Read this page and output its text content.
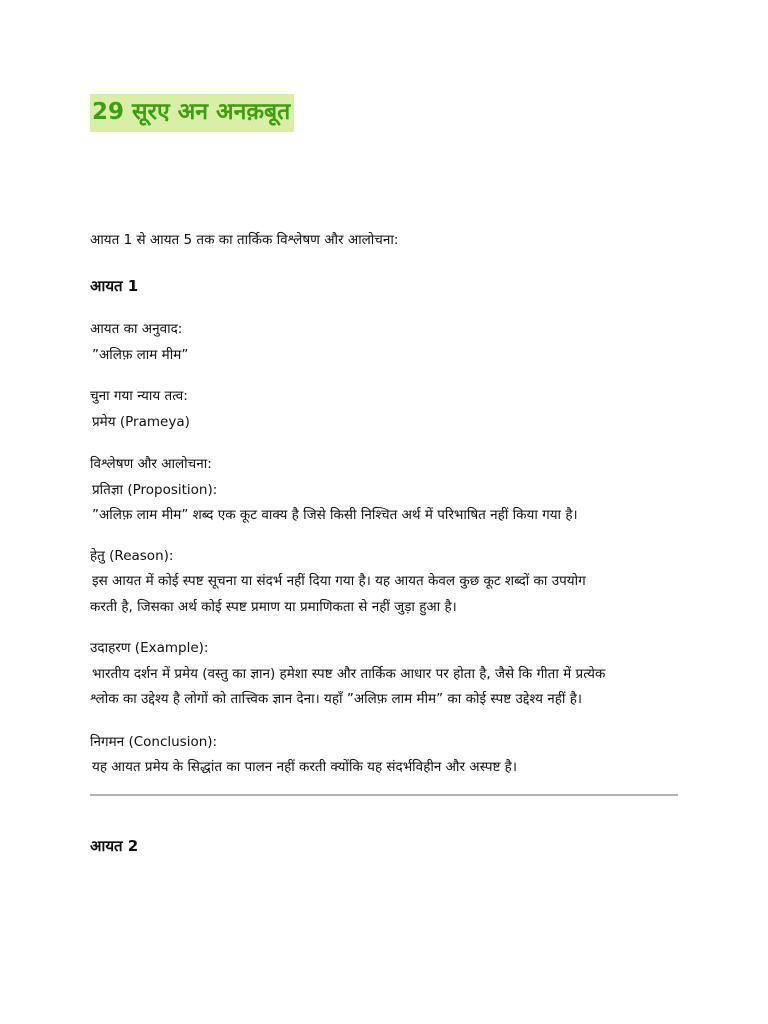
29 सूरए अन अनक़बूत
आयत 1 से आयत 5 तक का तार्किक विश्लेषण और आलोचना:
आयत 1
आयत का अनुवाद:
”अलिफ़ लाम मीम”
चुना गया न्याय तत्व:
प्रमेय (Prameya)
विश्लेषण और आलोचना:
प्रतिज्ञा (Proposition):
”अलिफ़ लाम मीम” शब्द एक कूट वाक्य है जिसे किसी निश्चित अर्थ में परिभाषित नहीं किया गया है।
हेतु (Reason):
इस आयत में कोई स्पष्ट सूचना या संदर्भ नहीं दिया गया है। यह आयत केवल कुछ कूट शब्दों का उपयोग
करती है, जिसका अर्थ कोई स्पष्ट प्रमाण या प्रमाणिकता से नहीं जुड़ा हुआ है।
उदाहरण (Example):
भारतीय दर्शन में प्रमेय (वस्तु का ज्ञान) हमेशा स्पष्ट और तार्किक आधार पर होता है, जैसे कि गीता में प्रत्येक
श्लोक का उद्देश्य है लोगों को तात्त्विक ज्ञान देना। यहाँ ”अलिफ़ लाम मीम” का कोई स्पष्ट उद्देश्य नहीं है।
निगमन (Conclusion):
यह आयत प्रमेय के सिद्धांत का पालन नहीं करती क्योंकि यह संदर्भविहीन और अस्पष्ट है।
आयत 2
